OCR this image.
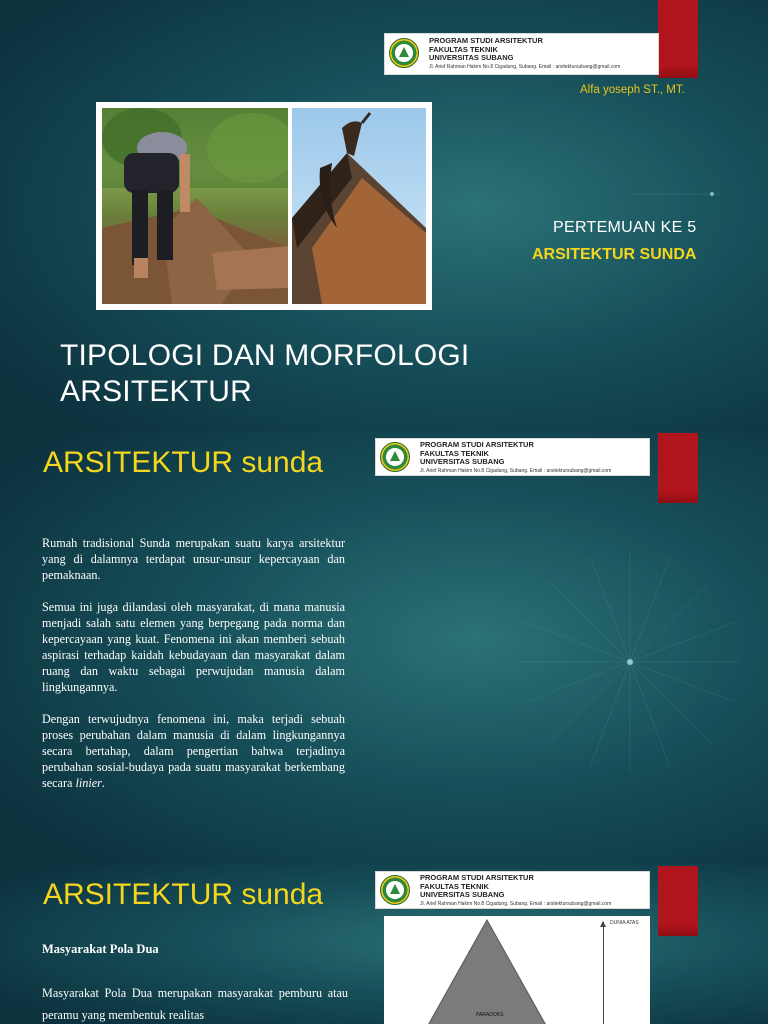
PROGRAM STUDI ARSITEKTUR
FAKULTAS TEKNIK
UNIVERSITAS SUBANG
Jl. Arief Rahman Hakim No.8 Cigadung, Subang. Email : arsitektursubang@gmail.com
Alfa yoseph ST., MT.
PERTEMUAN KE 5
ARSITEKTUR SUNDA
TIPOLOGI DAN MORFOLOGI ARSITEKTUR
PROGRAM STUDI ARSITEKTUR
FAKULTAS TEKNIK
UNIVERSITAS SUBANG
Jl. Arief Rahman Hakim No.8 Cigadung, Subang. Email : arsitektursubang@gmail.com
ARSITEKTUR sunda

Rumah tradisional Sunda merupakan suatu karya arsitektur yang di dalamnya terdapat unsur-unsur kepercayaan dan pemaknaan.

Semua ini juga dilandasi oleh masyarakat, di mana manusia menjadi salah satu elemen yang berpegang pada norma dan kepercayaan yang kuat. Fenomena ini akan memberi sebuah aspirasi terhadap kaidah kebudayaan dan masyarakat dalam ruang dan waktu sebagai perwujudan manusia dalam lingkungannya.

Dengan terwujudnya fenomena ini, maka terjadi sebuah proses perubahan dalam manusia di dalam lingkungannya secara bertahap, dalam pengertian bahwa terjadinya perubahan sosial-budaya pada suatu masyarakat berkembang secara linier.

PROGRAM STUDI ARSITEKTUR
FAKULTAS TEKNIK
UNIVERSITAS SUBANG
Jl. Arief Rahman Hakim No.8 Cigadung, Subang. Email : arsitektursubang@gmail.com
ARSITEKTUR sunda
Masyarakat Pola Dua

Masyarakat Pola Dua merupakan masyarakat pemburu atau peramu yang membentuk realitas

DUNIA ATAS
PARADOKS
